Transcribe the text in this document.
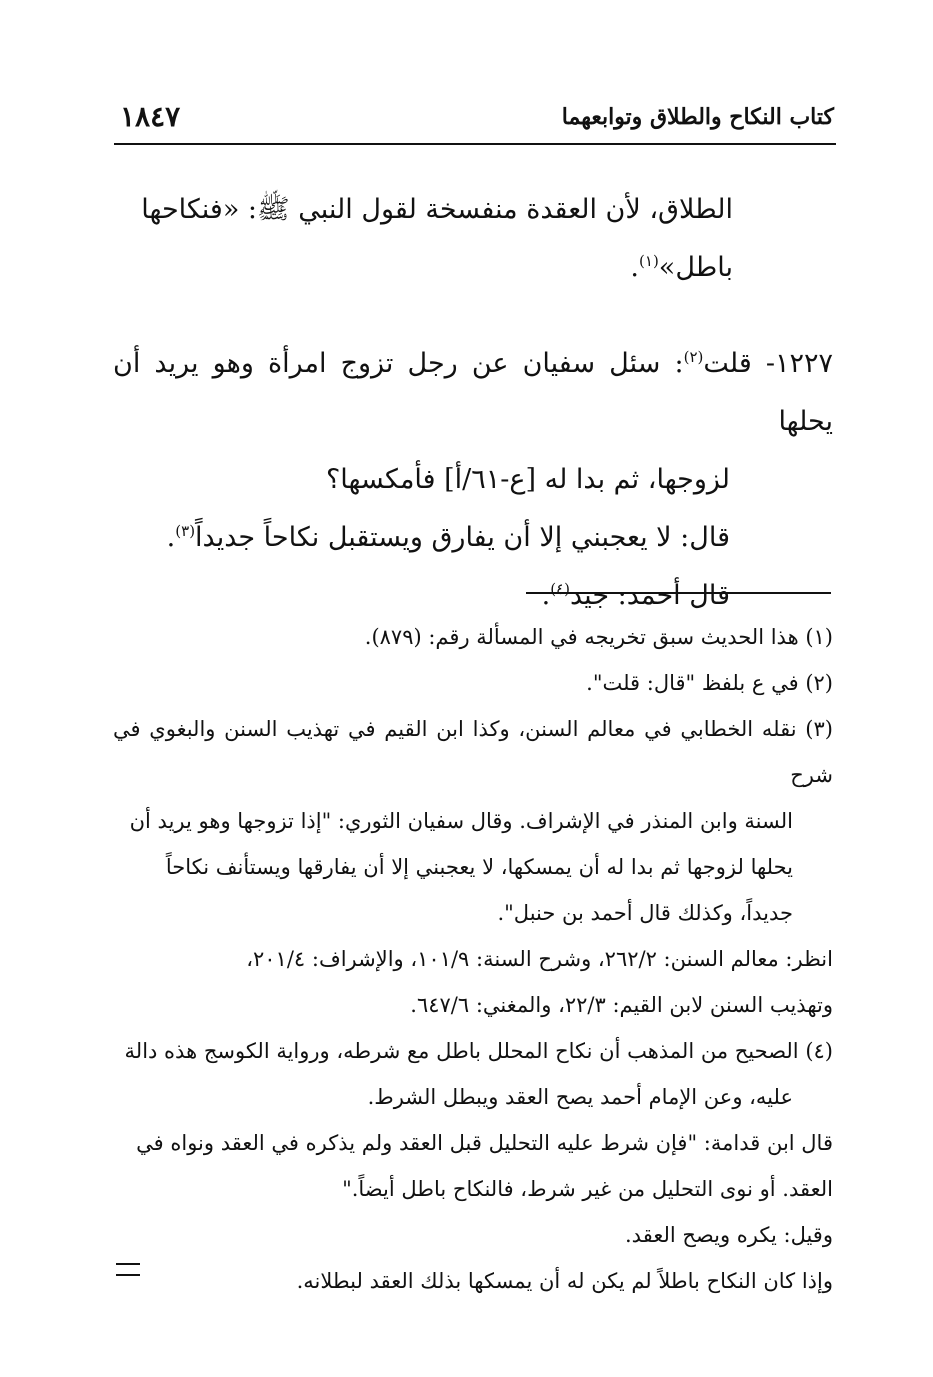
كتاب النكاح والطلاق وتوابعهما
١٨٤٧
الطلاق، لأن العقدة منفسخة لقول النبي ﷺ: «فنكاحها
باطل»$^{(١)}$.
١٢٢٧- قلت$^{(٢)}$: سئل سفيان عن رجل تزوج امرأة وهو يريد أن يحلها
لزوجها، ثم بدا له [ع-٦١/أ] فأمكسها؟
قال: لا يعجبني إلا أن يفارق ويستقبل نكاحاً جديداً$^{(٣)}$.
قال أحمد: جيد$^{(٤)}$.
(١) هذا الحديث سبق تخريجه في المسألة رقم: (٨٧٩).
(٢) في ع بلفظ "قال: قلت".
(٣) نقله الخطابي في معالم السنن، وكذا ابن القيم في تهذيب السنن والبغوي في شرح
السنة وابن المنذر في الإشراف. وقال سفيان الثوري: "إذا تزوجها وهو يريد أن
يحلها لزوجها ثم بدا له أن يمسكها، لا يعجبني إلا أن يفارقها ويستأنف نكاحاً
جديداً، وكذلك قال أحمد بن حنبل".
انظر: معالم السنن: ٢٦٢/٢، وشرح السنة: ١٠١/٩، والإشراف: ٢٠١/٤،
وتهذيب السنن لابن القيم: ٢٢/٣، والمغني: ٦٤٧/٦.
(٤) الصحيح من المذهب أن نكاح المحلل باطل مع شرطه، ورواية الكوسج هذه دالة
عليه، وعن الإمام أحمد يصح العقد ويبطل الشرط.
قال ابن قدامة: "فإن شرط عليه التحليل قبل العقد ولم يذكره في العقد ونواه في
العقد. أو نوى التحليل من غير شرط، فالنكاح باطل أيضاً."
وقيل: يكره ويصح العقد.
وإذا كان النكاح باطلاً لم يكن له أن يمسكها بذلك العقد لبطلانه.
